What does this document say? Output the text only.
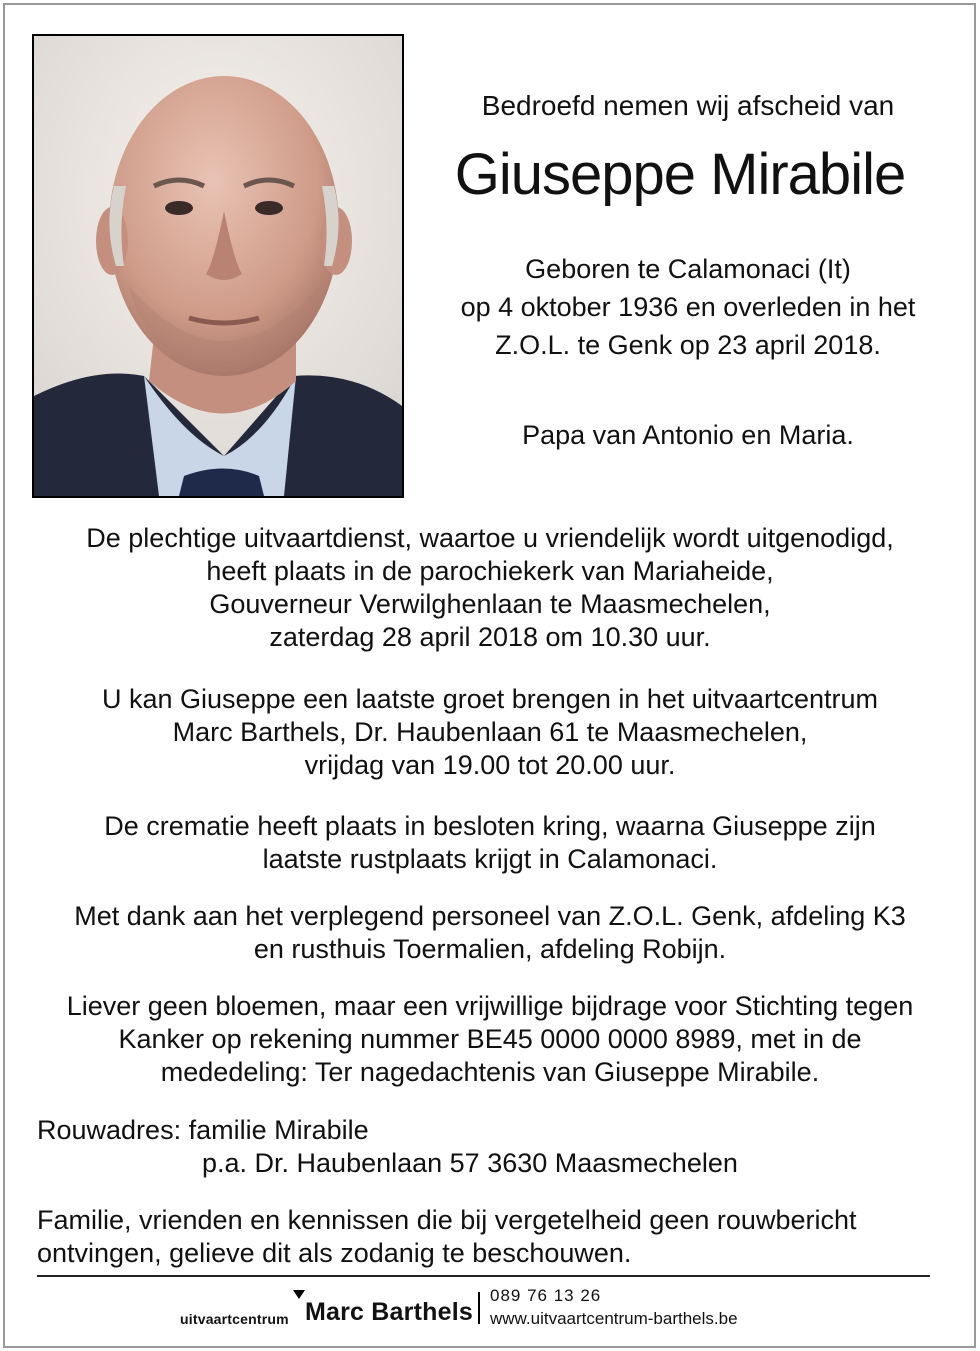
Bedroefd nemen wij afscheid van
Giuseppe Mirabile
Geboren te Calamonaci (It)
op 4 oktober 1936 en overleden in het
Z.O.L. te Genk op 23 april 2018.
Papa van Antonio en Maria.
De plechtige uitvaartdienst, waartoe u vriendelijk wordt uitgenodigd,
heeft plaats in de parochiekerk van Mariaheide,
Gouverneur Verwilghenlaan te Maasmechelen,
zaterdag 28 april 2018 om 10.30 uur.
U kan Giuseppe een laatste groet brengen in het uitvaartcentrum
Marc Barthels, Dr. Haubenlaan 61 te Maasmechelen,
vrijdag van 19.00 tot 20.00 uur.
De crematie heeft plaats in besloten kring, waarna Giuseppe zijn
laatste rustplaats krijgt in Calamonaci.
Met dank aan het verplegend personeel van Z.O.L. Genk, afdeling K3
en rusthuis Toermalien, afdeling Robijn.
Liever geen bloemen, maar een vrijwillige bijdrage voor Stichting tegen
Kanker op rekening nummer BE45 0000 0000 8989, met in de
mededeling: Ter nagedachtenis van Giuseppe Mirabile.
Rouwadres: familie Mirabile
p.a. Dr. Haubenlaan 57 3630 Maasmechelen
Familie, vrienden en kennissen die bij vergetelheid geen rouwbericht
ontvingen, gelieve dit als zodanig te beschouwen.
uitvaartcentrum Marc Barthels
089 76 13 26
www.uitvaartcentrum-barthels.be
